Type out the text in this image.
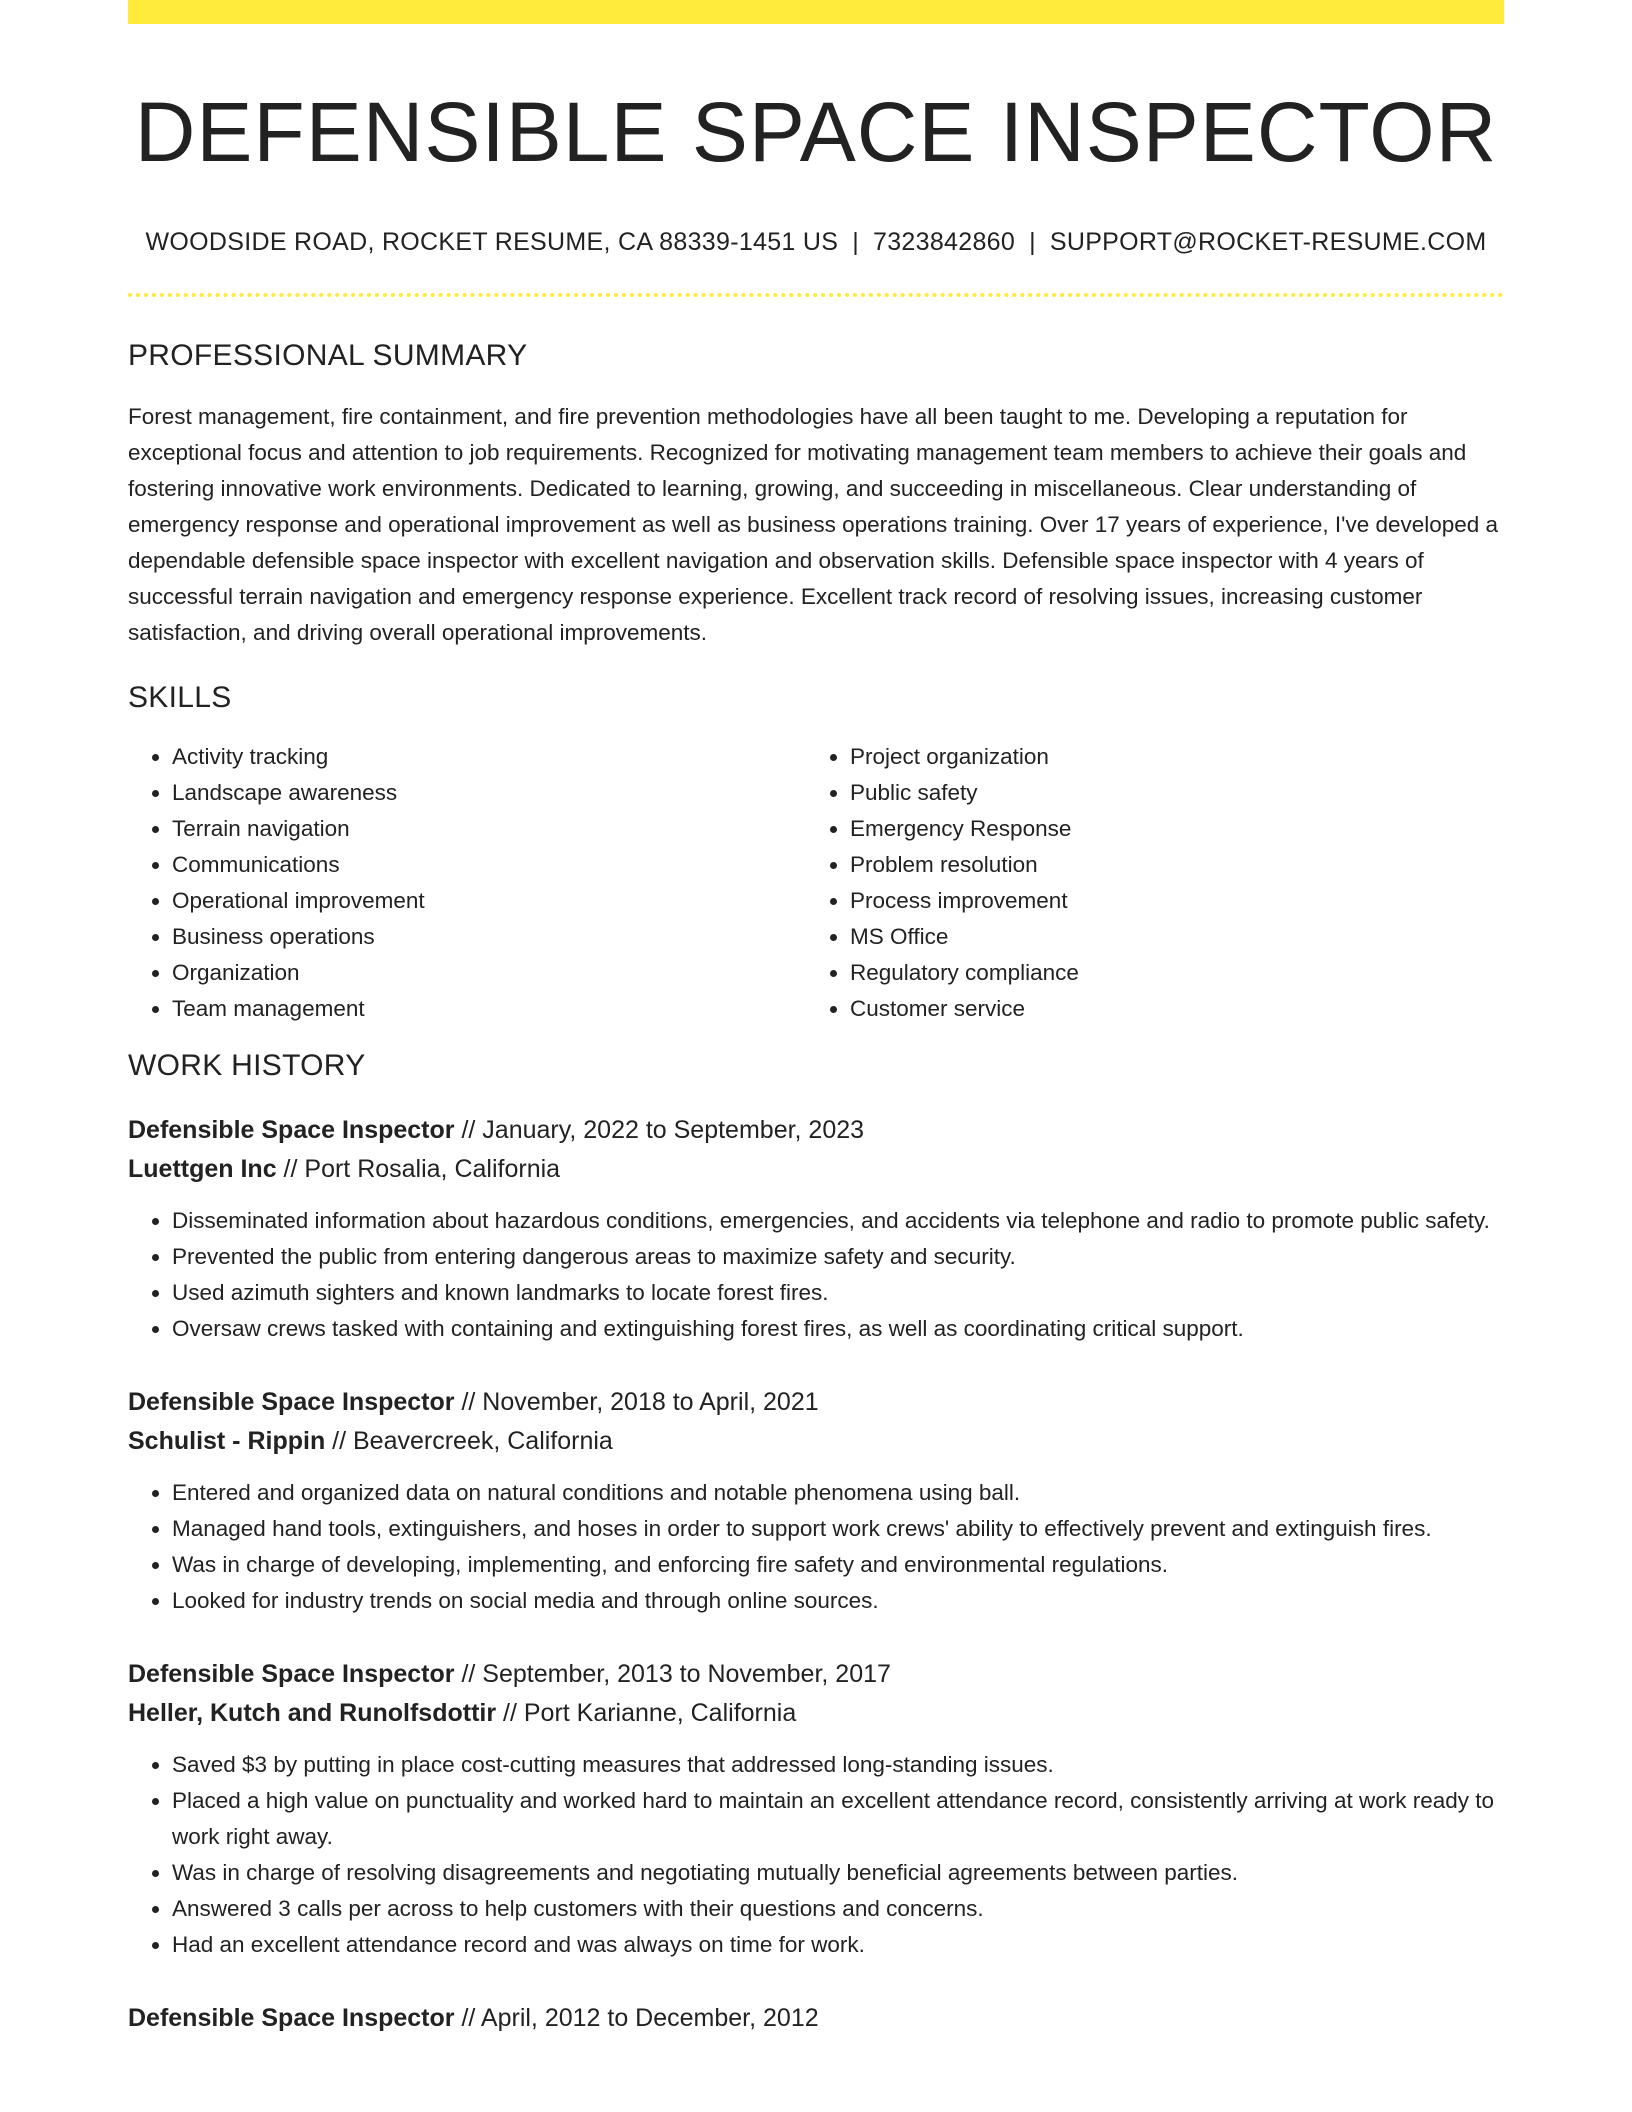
DEFENSIBLE SPACE INSPECTOR
WOODSIDE ROAD, ROCKET RESUME, CA 88339-1451 US | 7323842860 | SUPPORT@ROCKET-RESUME.COM
PROFESSIONAL SUMMARY
Forest management, fire containment, and fire prevention methodologies have all been taught to me. Developing a reputation for exceptional focus and attention to job requirements. Recognized for motivating management team members to achieve their goals and fostering innovative work environments. Dedicated to learning, growing, and succeeding in miscellaneous. Clear understanding of emergency response and operational improvement as well as business operations training. Over 17 years of experience, I've developed a dependable defensible space inspector with excellent navigation and observation skills. Defensible space inspector with 4 years of successful terrain navigation and emergency response experience. Excellent track record of resolving issues, increasing customer satisfaction, and driving overall operational improvements.
SKILLS
• Activity tracking
• Landscape awareness
• Terrain navigation
• Communications
• Operational improvement
• Business operations
• Organization
• Team management
• Project organization
• Public safety
• Emergency Response
• Problem resolution
• Process improvement
• MS Office
• Regulatory compliance
• Customer service
WORK HISTORY
Defensible Space Inspector // January, 2022 to September, 2023
Luettgen Inc // Port Rosalia, California
• Disseminated information about hazardous conditions, emergencies, and accidents via telephone and radio to promote public safety.
• Prevented the public from entering dangerous areas to maximize safety and security.
• Used azimuth sighters and known landmarks to locate forest fires.
• Oversaw crews tasked with containing and extinguishing forest fires, as well as coordinating critical support.
Defensible Space Inspector // November, 2018 to April, 2021
Schulist - Rippin // Beavercreek, California
• Entered and organized data on natural conditions and notable phenomena using ball.
• Managed hand tools, extinguishers, and hoses in order to support work crews' ability to effectively prevent and extinguish fires.
• Was in charge of developing, implementing, and enforcing fire safety and environmental regulations.
• Looked for industry trends on social media and through online sources.
Defensible Space Inspector // September, 2013 to November, 2017
Heller, Kutch and Runolfsdottir // Port Karianne, California
• Saved $3 by putting in place cost-cutting measures that addressed long-standing issues.
• Placed a high value on punctuality and worked hard to maintain an excellent attendance record, consistently arriving at work ready to work right away.
• Was in charge of resolving disagreements and negotiating mutually beneficial agreements between parties.
• Answered 3 calls per across to help customers with their questions and concerns.
• Had an excellent attendance record and was always on time for work.
Defensible Space Inspector // April, 2012 to December, 2012
